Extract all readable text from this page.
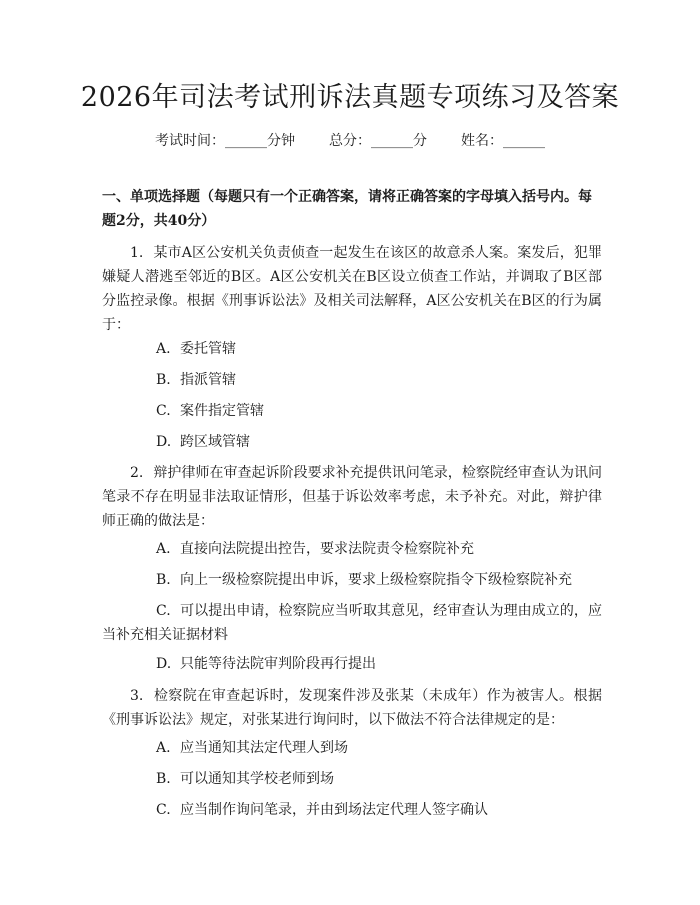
2026年司法考试刑诉法真题专项练习及答案
考试时间：______分钟 总分：______分 姓名：______
一、单项选择题（每题只有一个正确答案，请将正确答案的字母填入括号内。每题2分，共40分）
1. 某市A区公安机关负责侦查一起发生在该区的故意杀人案。案发后，犯罪嫌疑人潜逃至邻近的B区。A区公安机关在B区设立侦查工作站，并调取了B区部分监控录像。根据《刑事诉讼法》及相关司法解释，A区公安机关在B区的行为属于：
A. 委托管辖
B. 指派管辖
C. 案件指定管辖
D. 跨区域管辖
2. 辩护律师在审查起诉阶段要求补充提供讯问笔录，检察院经审查认为讯问笔录不存在明显非法取证情形，但基于诉讼效率考虑，未予补充。对此，辩护律师正确的做法是：
A. 直接向法院提出控告，要求法院责令检察院补充
B. 向上一级检察院提出申诉，要求上级检察院指令下级检察院补充
C. 可以提出申请，检察院应当听取其意见，经审查认为理由成立的，应当补充相关证据材料
D. 只能等待法院审判阶段再行提出
3. 检察院在审查起诉时，发现案件涉及张某（未成年）作为被害人。根据《刑事诉讼法》规定，对张某进行询问时，以下做法不符合法律规定的是：
A. 应当通知其法定代理人到场
B. 可以通知其学校老师到场
C. 应当制作询问笔录，并由到场法定代理人签字确认
